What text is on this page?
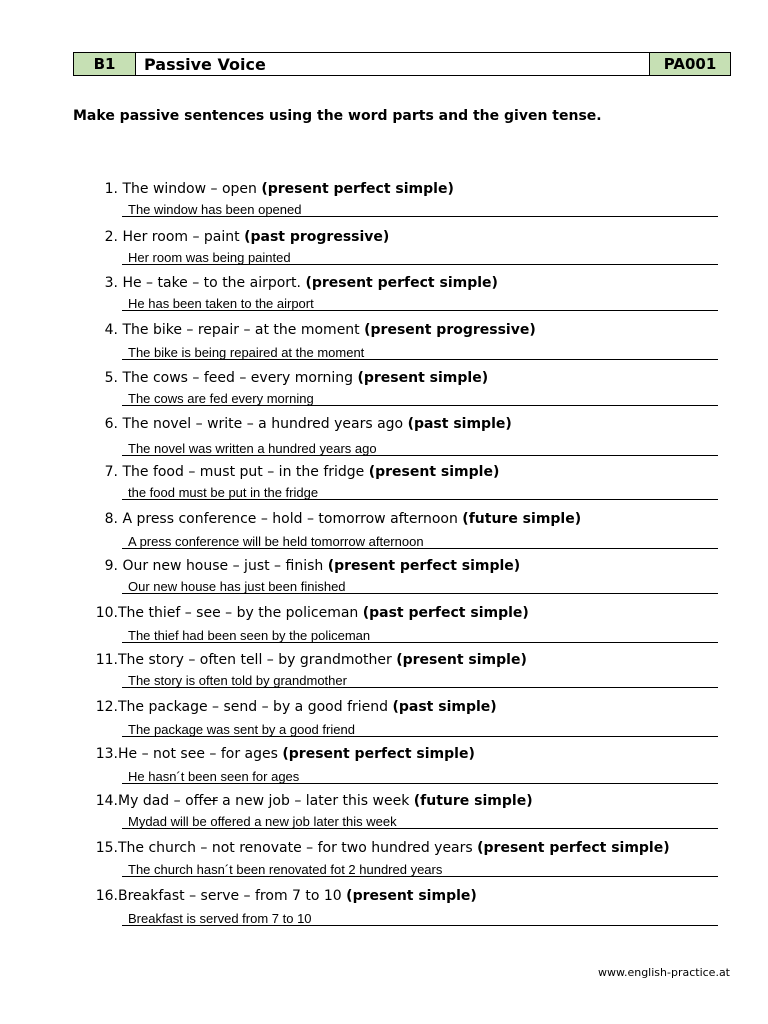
B1	Passive Voice	PA001
Make passive sentences using the word parts and the given tense.
1. The window – open (present perfect simple)
The window has been opened
2. Her room – paint (past progressive)
Her room was being painted
3. He – take – to the airport. (present perfect simple)
He has been taken to the airport
4. The bike – repair – at the moment (present progressive)
The bike is being repaired at the moment
5. The cows – feed – every morning (present simple)
The cows are fed every morning
6. The novel – write – a hundred years ago (past simple)
The novel was written a hundred years ago
7. The food – must put – in the fridge (present simple)
the food must be put in the fridge
8. A press conference – hold – tomorrow afternoon (future simple)
A press conference will be held tomorrow afternoon
9. Our new house – just – finish (present perfect simple)
Our new house has just been finished
10.The thief – see – by the policeman (past perfect simple)
The thief had been seen by the policeman
11.The story – often tell – by grandmother (present simple)
The story is often told by grandmother
12.The package – send – by a good friend (past simple)
The package was sent by a good friend
13.He – not see – for ages (present perfect simple)
He hasn´t been seen for ages
14.My dad – offer a new job – later this week (future simple)
Mydad will be offered a new job later this week
15.The church – not renovate – for two hundred years (present perfect simple)
The church hasn´t been renovated fot 2 hundred years
16.Breakfast – serve – from 7 to 10 (present simple)
Breakfast is served from 7 to 10
www.english-practice.at
